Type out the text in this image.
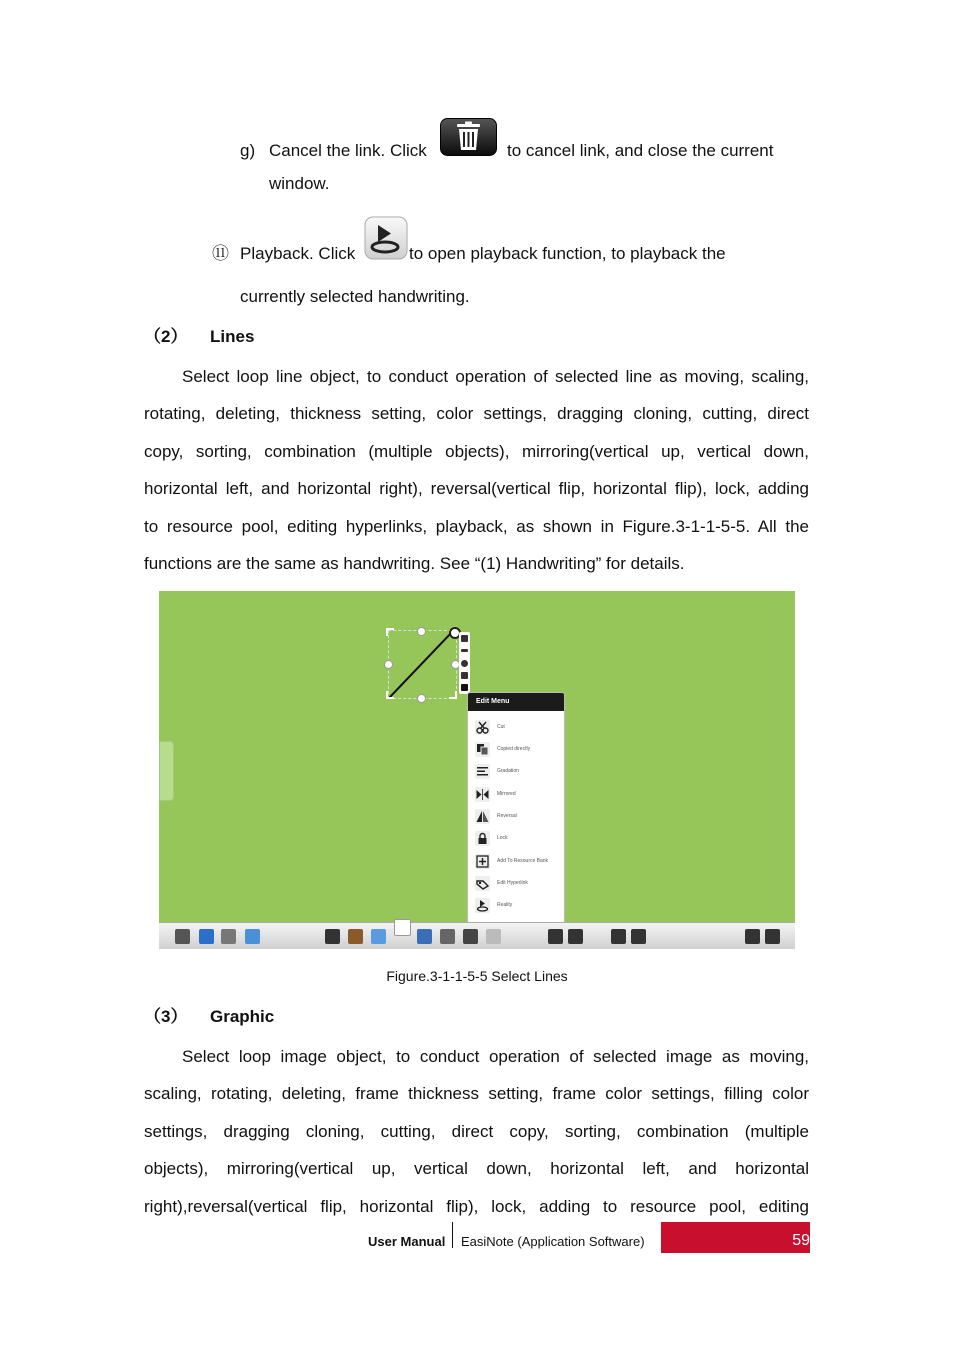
g) Cancel the link. Click	to cancel link, and close the current
window.
⑪ Playback. Click	to open playback function, to playback the
currently selected handwriting.
（2） Lines
Select loop line object, to conduct operation of selected line as moving, scaling,
rotating, deleting, thickness setting, color settings, dragging cloning, cutting, direct
copy, sorting, combination (multiple objects), mirroring(vertical up, vertical down,
horizontal left, and horizontal right), reversal(vertical flip, horizontal flip), lock, adding
to resource pool, editing hyperlinks, playback, as shown in Figure.3-1-1-5-5. All the
functions are the same as handwriting. See “(1) Handwriting” for details.
Edit Menu
Cut
Copied directly
Gradation
Mirrored
Reversal
Lock
Add To Resource Bank
Edit Hyperlink
Reality
Figure.3-1-1-5-5 Select Lines
（3） Graphic
Select loop image object, to conduct operation of selected image as moving,
scaling, rotating, deleting, frame thickness setting, frame color settings, filling color
settings, dragging cloning, cutting, direct copy, sorting, combination (multiple
objects), mirroring(vertical up, vertical down, horizontal left, and horizontal
right),reversal(vertical flip, horizontal flip), lock, adding to resource pool, editing
User Manual EasiNote (Application Software)	59
